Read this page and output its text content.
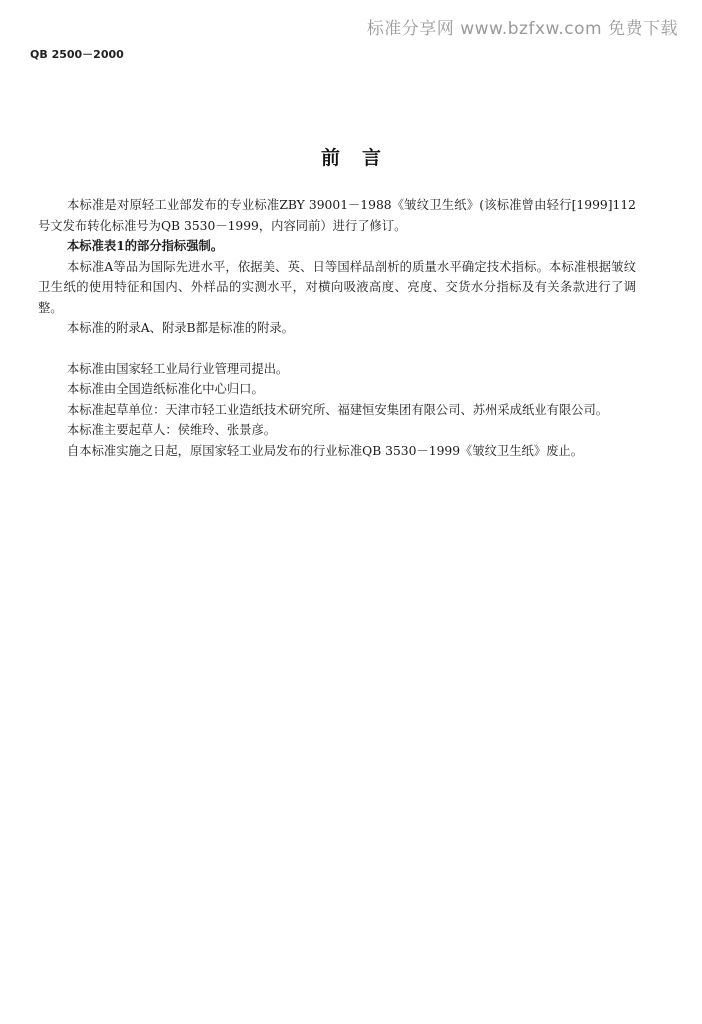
标准分享网 www.bzfxw.com 免费下载
QB 2500－2000
前言

本标准是对原轻工业部发布的专业标准ZBY 39001－1988《皱纹卫生纸》(该标准曾由轻行[1999]112号文发布转化标准号为QB 3530－1999，内容同前）进行了修订。

本标准表1的部分指标强制。

本标准A等品为国际先进水平，依据美、英、日等国样品剖析的质量水平确定技术指标。本标准根据皱纹卫生纸的使用特征和国内、外样品的实测水平，对横向吸液高度、亮度、交货水分指标及有关条款进行了调整。

本标准的附录A、附录B都是标准的附录。

本标准由国家轻工业局行业管理司提出。

本标准由全国造纸标准化中心归口。

本标准起草单位：天津市轻工业造纸技术研究所、福建恒安集团有限公司、苏州采成纸业有限公司。

本标准主要起草人：侯维玲、张景彦。

自本标准实施之日起，原国家轻工业局发布的行业标准QB 3530－1999《皱纹卫生纸》废止。
